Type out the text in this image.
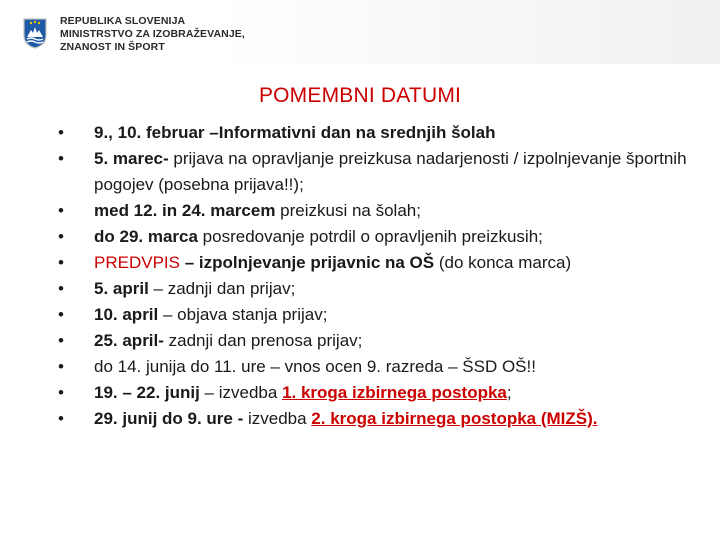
REPUBLIKA SLOVENIJA
MINISTRSTVO ZA IZOBRAŽEVANJE,
ZNANOST IN ŠPORT
POMEMBNI DATUMI
• 9., 10. februar –Informativni dan na srednjih šolah
• 5. marec- prijava na opravljanje preizkusa nadarjenosti / izpolnjevanje športnih pogojev (posebna prijava!!);
• med 12. in 24. marcem preizkusi na šolah;
• do 29. marca posredovanje potrdil o opravljenih preizkusih;
• PREDVPIS – izpolnjevanje prijavnic na OŠ (do konca marca)
• 5. april – zadnji dan prijav;
• 10. april – objava stanja prijav;
• 25. april- zadnji dan prenosa prijav;
• do 14. junija do 11. ure – vnos ocen 9. razreda – ŠSD OŠ!!
• 19. – 22. junij – izvedba 1. kroga izbirnega postopka;
• 29. junij do 9. ure - izvedba 2. kroga izbirnega postopka (MIZŠ).
